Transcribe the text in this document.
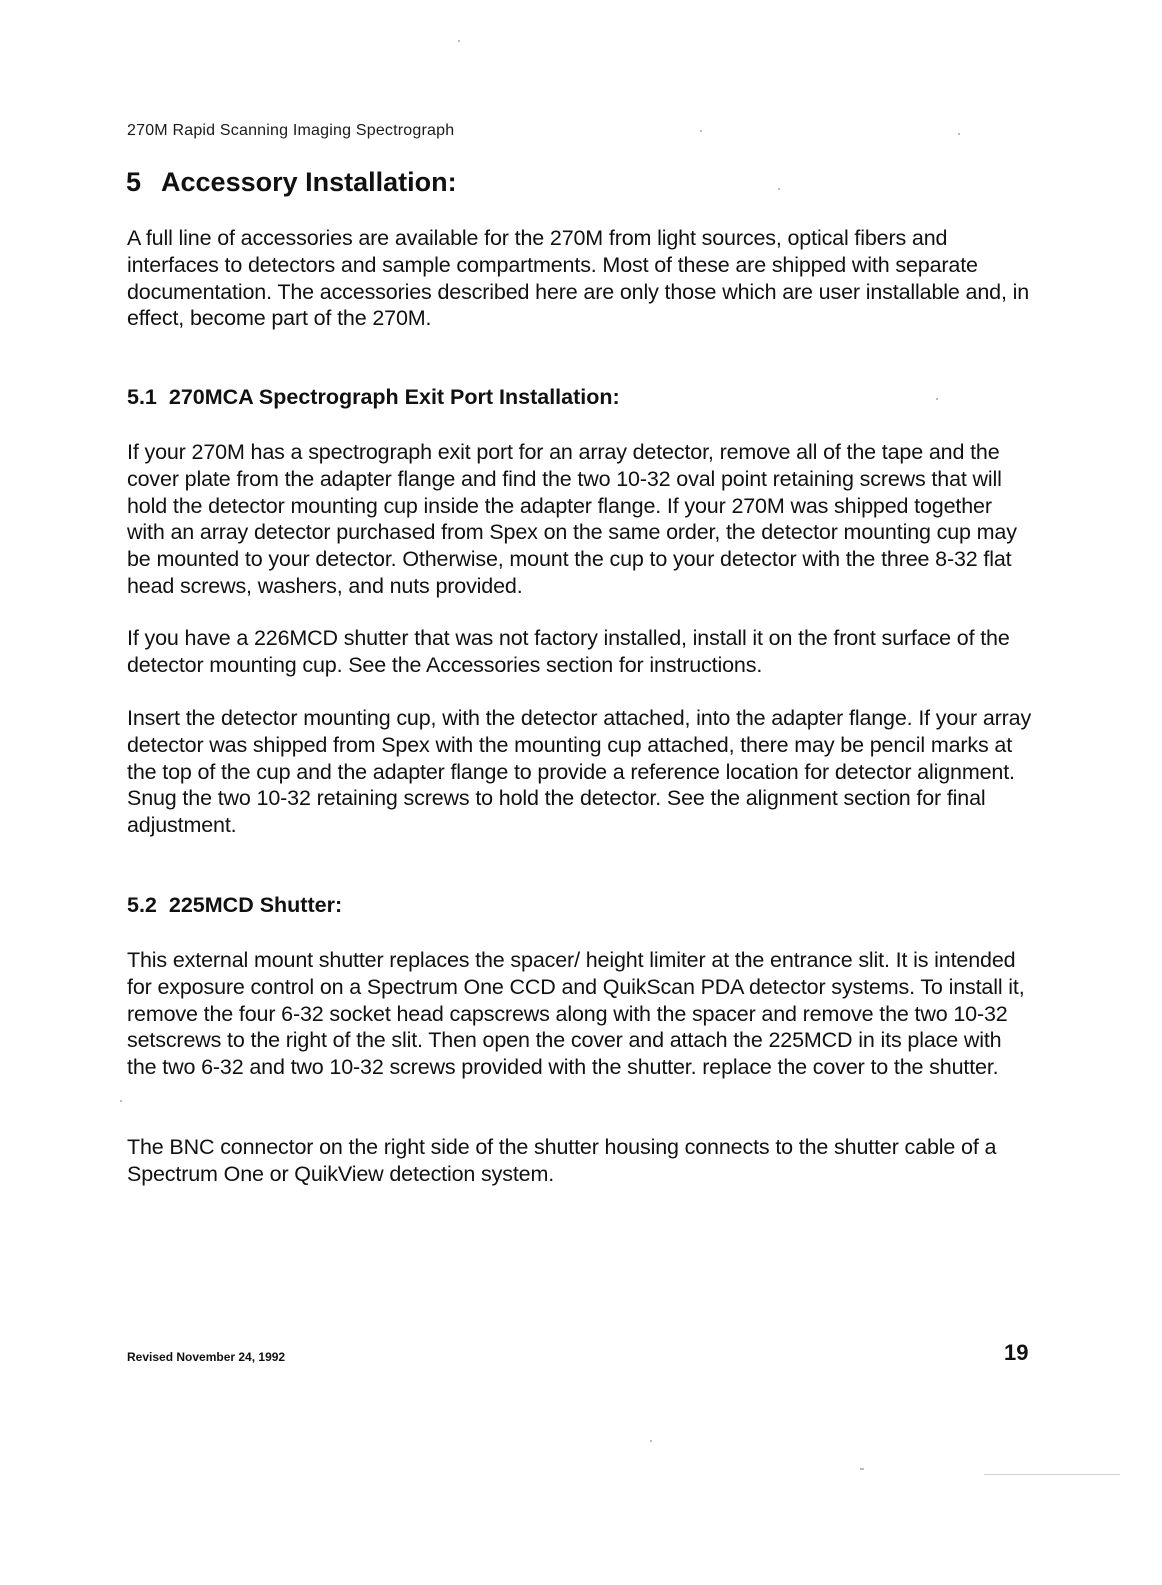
270M Rapid Scanning Imaging Spectrograph
5 Accessory Installation:

A full line of accessories are available for the 270M from light sources, optical fibers and interfaces to detectors and sample compartments. Most of these are shipped with separate documentation. The accessories described here are only those which are user installable and, in effect, become part of the 270M.

5.1 270MCA Spectrograph Exit Port Installation:

If your 270M has a spectrograph exit port for an array detector, remove all of the tape and the cover plate from the adapter flange and find the two 10-32 oval point retaining screws that will hold the detector mounting cup inside the adapter flange. If your 270M was shipped together with an array detector purchased from Spex on the same order, the detector mounting cup may be mounted to your detector. Otherwise, mount the cup to your detector with the three 8-32 flat head screws, washers, and nuts provided.

If you have a 226MCD shutter that was not factory installed, install it on the front surface of the detector mounting cup. See the Accessories section for instructions.

Insert the detector mounting cup, with the detector attached, into the adapter flange. If your array detector was shipped from Spex with the mounting cup attached, there may be pencil marks at the top of the cup and the adapter flange to provide a reference location for detector alignment. Snug the two 10-32 retaining screws to hold the detector. See the alignment section for final adjustment.

5.2 225MCD Shutter:

This external mount shutter replaces the spacer/ height limiter at the entrance slit. It is intended for exposure control on a Spectrum One CCD and QuikScan PDA detector systems. To install it, remove the four 6-32 socket head capscrews along with the spacer and remove the two 10-32 setscrews to the right of the slit. Then open the cover and attach the 225MCD in its place with the two 6-32 and two 10-32 screws provided with the shutter. replace the cover to the shutter.

The BNC connector on the right side of the shutter housing connects to the shutter cable of a Spectrum One or QuikView detection system.

Revised November 24, 1992	19
